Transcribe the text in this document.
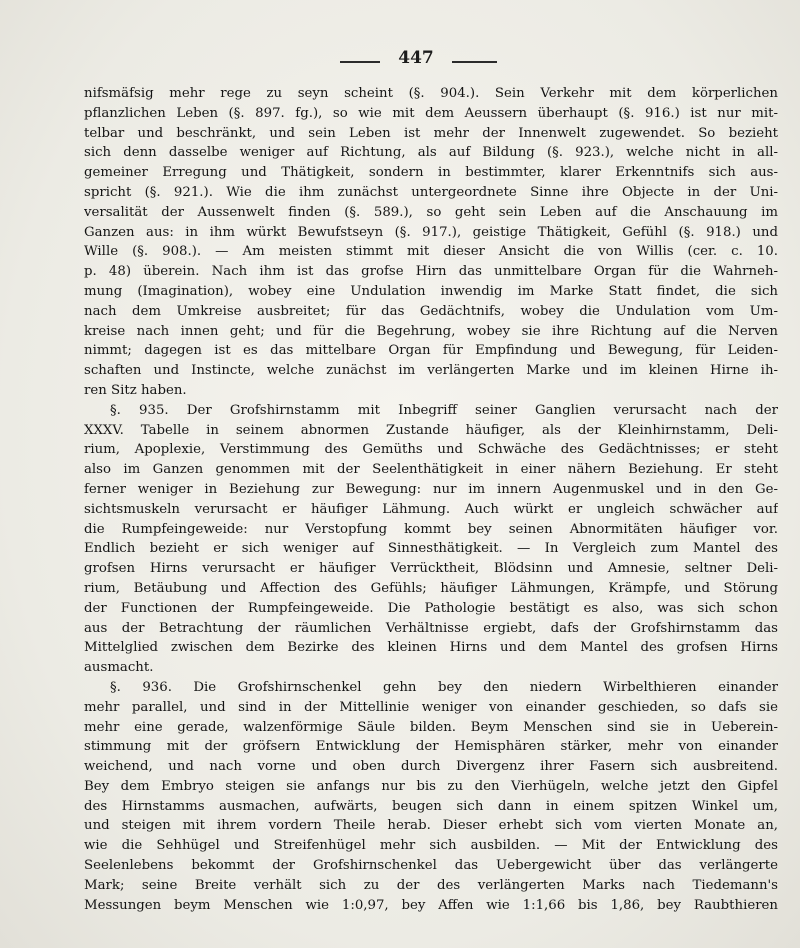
447
nifsmäfsig mehr rege zu seyn scheint (§. 904.). Sein Verkehr mit dem körperlichen
pflanzlichen Leben (§. 897. fg.), so wie mit dem Aeussern überhaupt (§. 916.) ist nur mit-
telbar und beschränkt, und sein Leben ist mehr der Innenwelt zugewendet. So bezieht
sich denn dasselbe weniger auf Richtung, als auf Bildung (§. 923.), welche nicht in all-
gemeiner Erregung und Thätigkeit, sondern in bestimmter, klarer Erkenntnifs sich aus-
spricht (§. 921.). Wie die ihm zunächst untergeordnete Sinne ihre Objecte in der Uni-
versalität der Aussenwelt finden (§. 589.), so geht sein Leben auf die Anschauung im
Ganzen aus: in ihm würkt Bewufstseyn (§. 917.), geistige Thätigkeit, Gefühl (§. 918.) und
Wille (§. 908.). — Am meisten stimmt mit dieser Ansicht die von Willis (cer. c. 10.
p. 48) überein. Nach ihm ist das grofse Hirn das unmittelbare Organ für die Wahrneh-
mung (Imagination), wobey eine Undulation inwendig im Marke Statt findet, die sich
nach dem Umkreise ausbreitet; für das Gedächtnifs, wobey die Undulation vom Um-
kreise nach innen geht; und für die Begehrung, wobey sie ihre Richtung auf die Nerven
nimmt; dagegen ist es das mittelbare Organ für Empfindung und Bewegung, für Leiden-
schaften und Instincte, welche zunächst im verlängerten Marke und im kleinen Hirne ih-
ren Sitz haben.
§. 935. Der Grofshirnstamm mit Inbegriff seiner Ganglien verursacht nach der
XXXV. Tabelle in seinem abnormen Zustande häufiger, als der Kleinhirnstamm, Deli-
rium, Apoplexie, Verstimmung des Gemüths und Schwäche des Gedächtnisses; er steht
also im Ganzen genommen mit der Seelenthätigkeit in einer nähern Beziehung. Er steht
ferner weniger in Beziehung zur Bewegung: nur im innern Augenmuskel und in den Ge-
sichtsmuskeln verursacht er häufiger Lähmung. Auch würkt er ungleich schwächer auf
die Rumpfeingeweide: nur Verstopfung kommt bey seinen Abnormitäten häufiger vor.
Endlich bezieht er sich weniger auf Sinnesthätigkeit. — In Vergleich zum Mantel des
grofsen Hirns verursacht er häufiger Verrücktheit, Blödsinn und Amnesie, seltner Deli-
rium, Betäubung und Affection des Gefühls; häufiger Lähmungen, Krämpfe, und Störung
der Functionen der Rumpfeingeweide. Die Pathologie bestätigt es also, was sich schon
aus der Betrachtung der räumlichen Verhältnisse ergiebt, dafs der Grofshirnstamm das
Mittelglied zwischen dem Bezirke des kleinen Hirns und dem Mantel des grofsen Hirns
ausmacht.
§. 936. Die Grofshirnschenkel gehn bey den niedern Wirbelthieren einander
mehr parallel, und sind in der Mittellinie weniger von einander geschieden, so dafs sie
mehr eine gerade, walzenförmige Säule bilden. Beym Menschen sind sie in Ueberein-
stimmung mit der gröfsern Entwicklung der Hemisphären stärker, mehr von einander
weichend, und nach vorne und oben durch Divergenz ihrer Fasern sich ausbreitend.
Bey dem Embryo steigen sie anfangs nur bis zu den Vierhügeln, welche jetzt den Gipfel
des Hirnstamms ausmachen, aufwärts, beugen sich dann in einem spitzen Winkel um,
und steigen mit ihrem vordern Theile herab. Dieser erhebt sich vom vierten Monate an,
wie die Sehhügel und Streifenhügel mehr sich ausbilden. — Mit der Entwicklung des
Seelenlebens bekommt der Grofshirnschenkel das Uebergewicht über das verlängerte
Mark; seine Breite verhält sich zu der des verlängerten Marks nach Tiedemann's
Messungen beym Menschen wie 1:0,97, bey Affen wie 1:1,66 bis 1,86, bey Raubthieren
